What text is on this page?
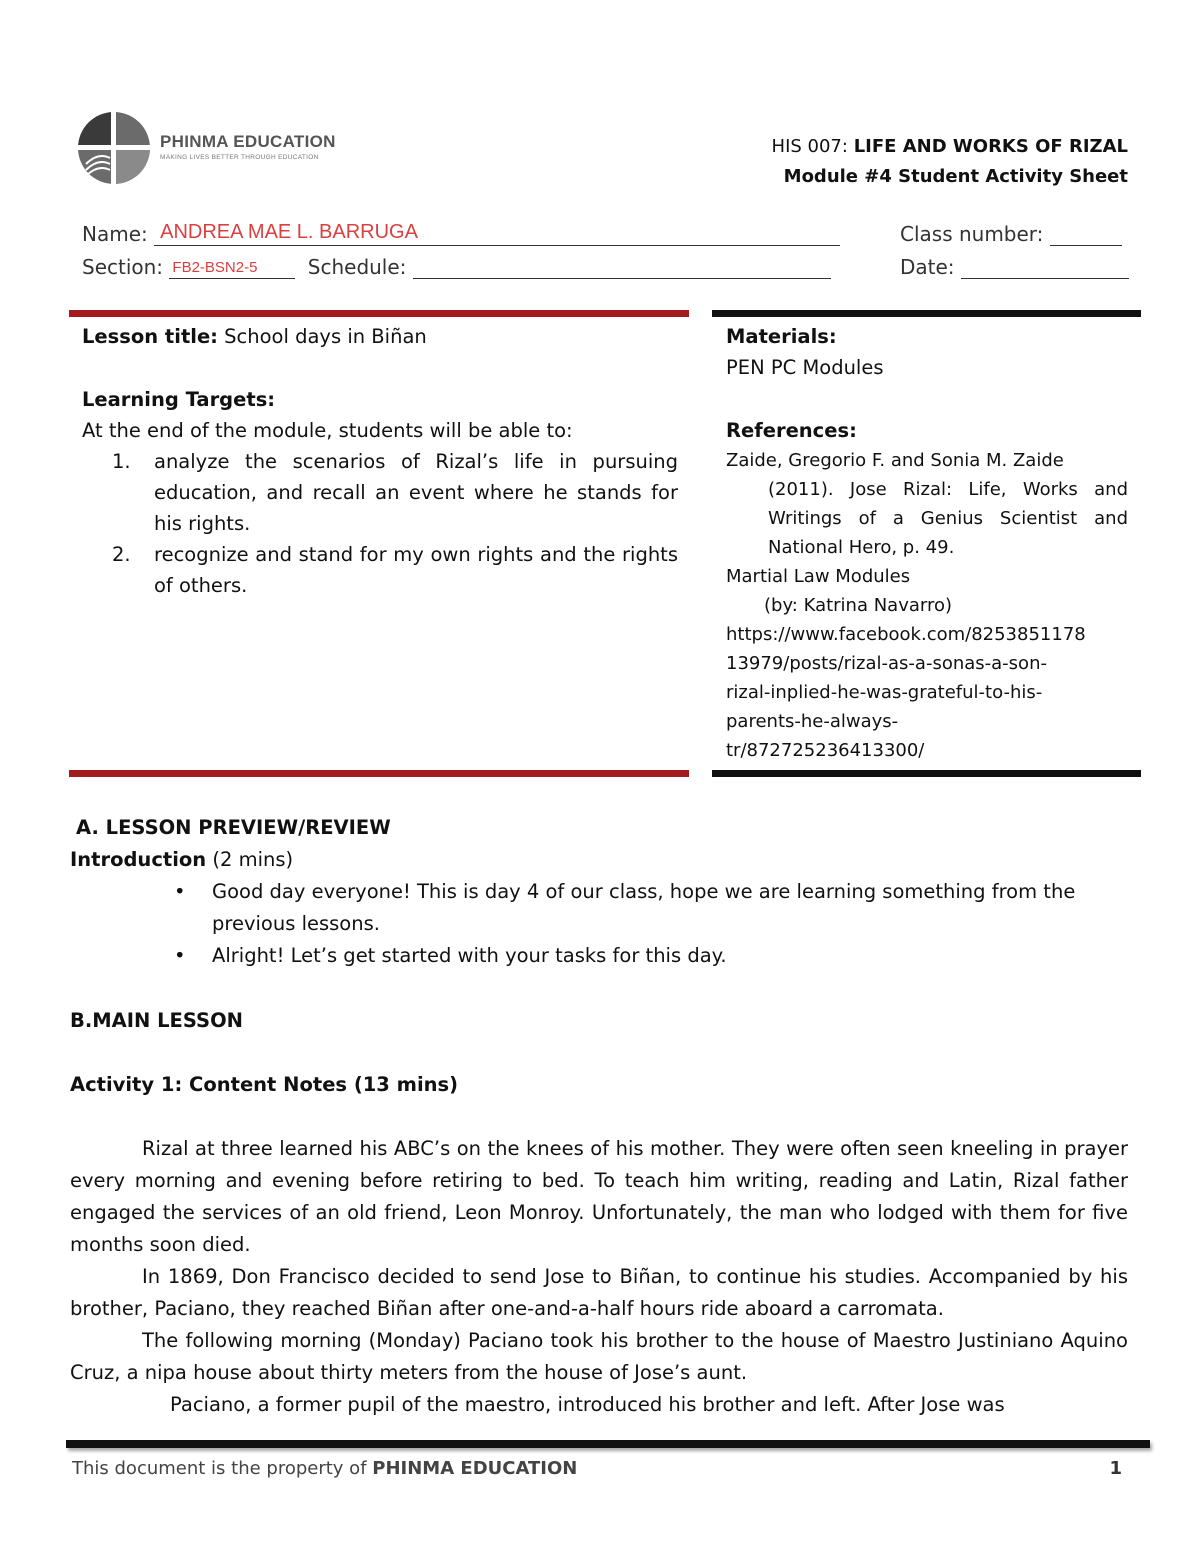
PHINMA EDUCATION
MAKING LIVES BETTER THROUGH EDUCATION
HIS 007: LIFE AND WORKS OF RIZAL
Module #4 Student Activity Sheet
Name: ANDREA MAE L. BARRUGA	Class number:
Section: FB2-BSN2-5	Schedule:	Date:
Lesson title: School days in Biñan
Learning Targets:
At the end of the module, students will be able to:
1. analyze the scenarios of Rizal’s life in pursuing education, and recall an event where he stands for his rights.
2. recognize and stand for my own rights and the rights of others.
Materials:
PEN PC Modules
References:
Zaide, Gregorio F. and Sonia M. Zaide
(2011). Jose Rizal: Life, Works and Writings of a Genius Scientist and National Hero, p. 49.
Martial Law Modules
(by: Katrina Navarro)
https://www.facebook.com/8253851178
13979/posts/rizal-as-a-sonas-a-son-
rizal-inplied-he-was-grateful-to-his-
parents-he-always-
tr/872725236413300/
A. LESSON PREVIEW/REVIEW
Introduction (2 mins)
• Good day everyone! This is day 4 of our class, hope we are learning something from the previous lessons.
• Alright! Let’s get started with your tasks for this day.
B.MAIN LESSON
Activity 1: Content Notes (13 mins)
Rizal at three learned his ABC’s on the knees of his mother. They were often seen kneeling in prayer every morning and evening before retiring to bed. To teach him writing, reading and Latin, Rizal father engaged the services of an old friend, Leon Monroy. Unfortunately, the man who lodged with them for five months soon died.
In 1869, Don Francisco decided to send Jose to Biñan, to continue his studies. Accompanied by his brother, Paciano, they reached Biñan after one-and-a-half hours ride aboard a carromata.
The following morning (Monday) Paciano took his brother to the house of Maestro Justiniano Aquino Cruz, a nipa house about thirty meters from the house of Jose’s aunt.
Paciano, a former pupil of the maestro, introduced his brother and left. After Jose was
This document is the property of PHINMA EDUCATION	1
